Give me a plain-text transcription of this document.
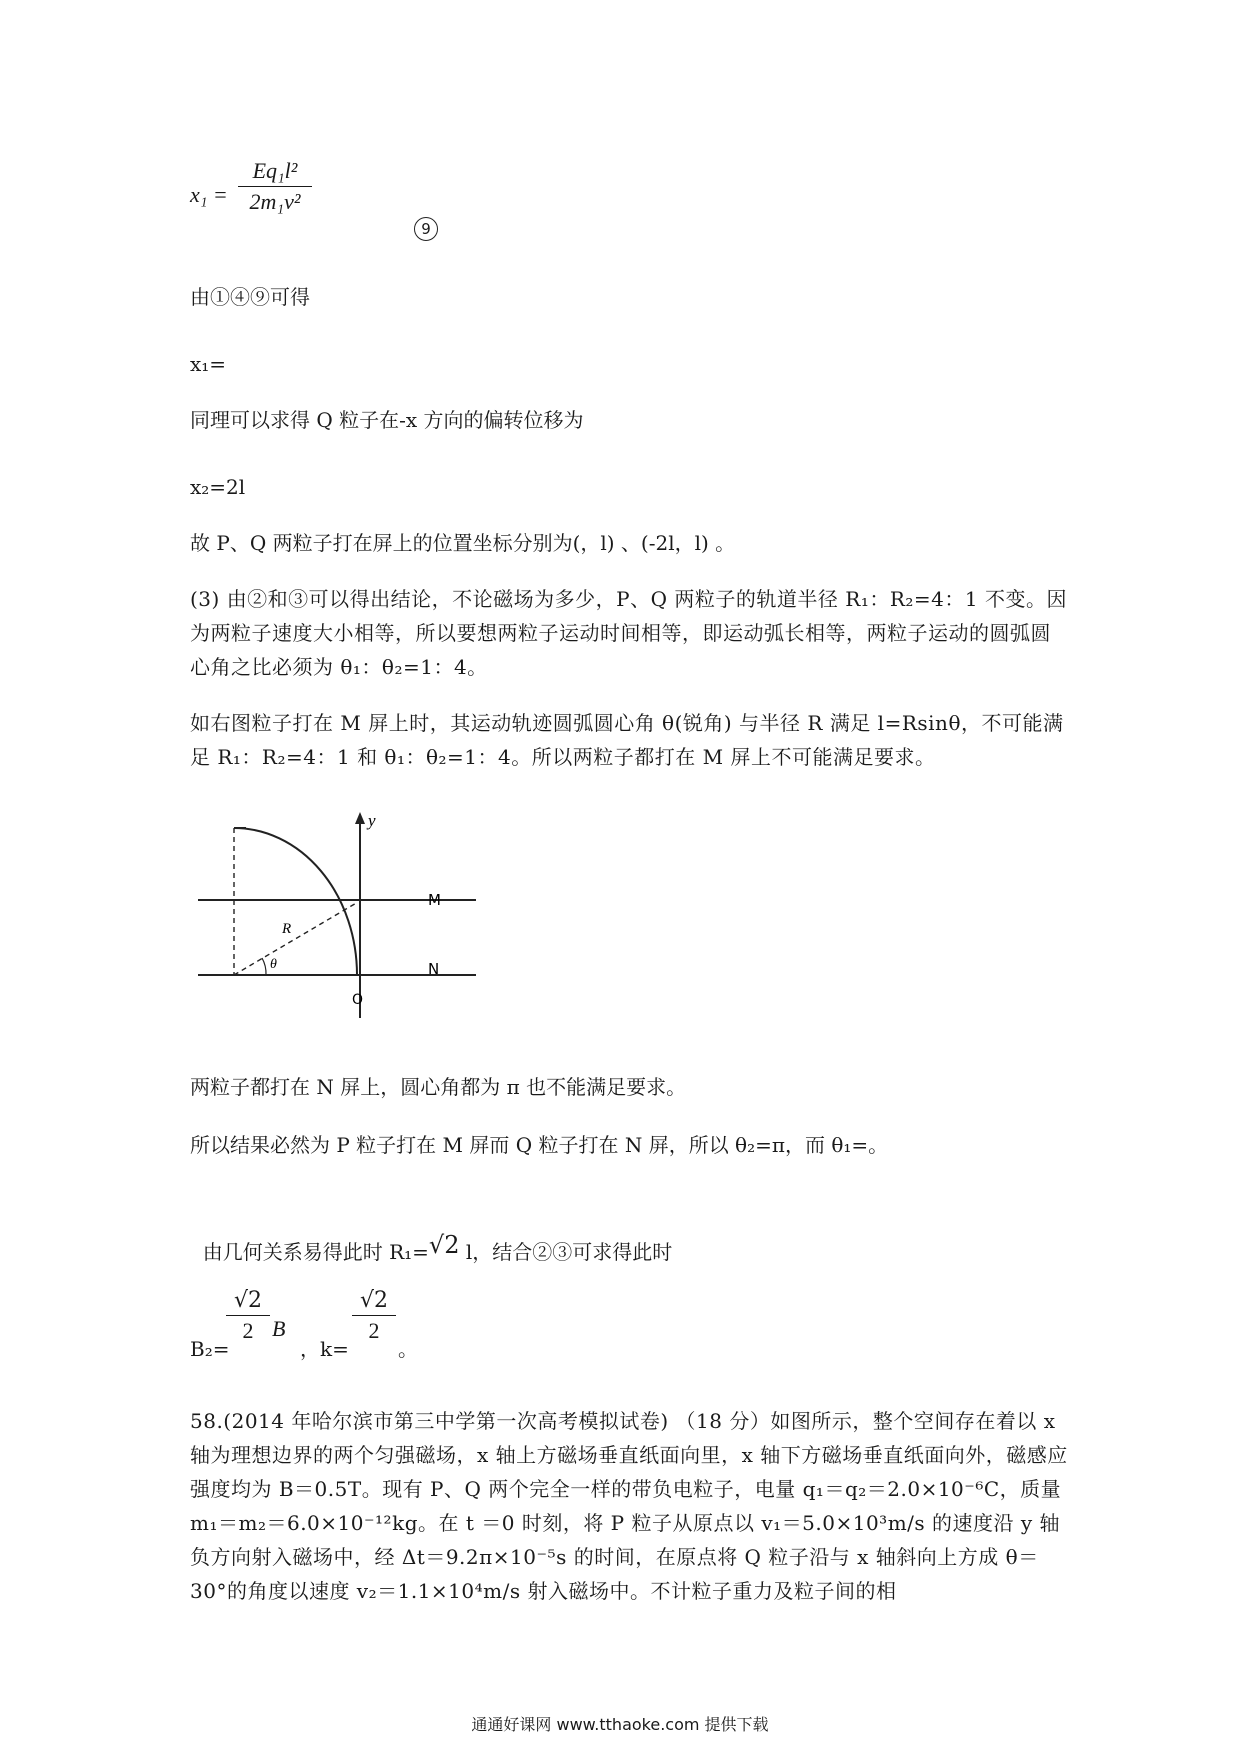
x₁ =
Eq₁l²
2m₁v²
9
由①④⑨可得
x₁=
同理可以求得 Q 粒子在-x 方向的偏转位移为
x₂=2l
故 P、Q 两粒子打在屏上的位置坐标分别为(，l) 、(-2l，l) 。
(3) 由②和③可以得出结论，不论磁场为多少，P、Q 两粒子的轨道半径 R₁：R₂=4：1 不变。因为两粒子速度大小相等，所以要想两粒子运动时间相等，即运动弧长相等，两粒子运动的圆弧圆心角之比必须为 θ₁：θ₂=1：4。
如右图粒子打在 M 屏上时，其运动轨迹圆弧圆心角 θ(锐角) 与半径 R 满足 l=Rsinθ，不可能满足 R₁：R₂=4：1 和 θ₁：θ₂=1：4。所以两粒子都打在 M 屏上不可能满足要求。
y
M
N
O
R
θ
两粒子都打在 N 屏上，圆心角都为 π 也不能满足要求。
所以结果必然为 P 粒子打在 M 屏而 Q 粒子打在 N 屏，所以 θ₂=π，而 θ₁=。

由几何关系易得此时 R₁=√2 l，结合②③可求得此时

B₂=
√2
2 B
，k=
√2
2
。
58.(2014 年哈尔滨市第三中学第一次高考模拟试卷) （18 分）如图所示，整个空间存在着以 x 轴为理想边界的两个匀强磁场，x 轴上方磁场垂直纸面向里，x 轴下方磁场垂直纸面向外，磁感应强度均为 B＝0.5T。现有 P、Q 两个完全一样的带负电粒子，电量 q₁＝q₂＝2.0×10⁻⁶C，质量 m₁＝m₂＝6.0×10⁻¹²kg。在 t ＝0 时刻，将 P 粒子从原点以 v₁＝5.0×10³m/s 的速度沿 y 轴负方向射入磁场中，经 Δt＝9.2π×10⁻⁵s 的时间，在原点将 Q 粒子沿与 x 轴斜向上方成 θ＝30°的角度以速度 v₂＝1.1×10⁴m/s 射入磁场中。不计粒子重力及粒子间的相
通通好课网 www.tthaoke.com 提供下载
